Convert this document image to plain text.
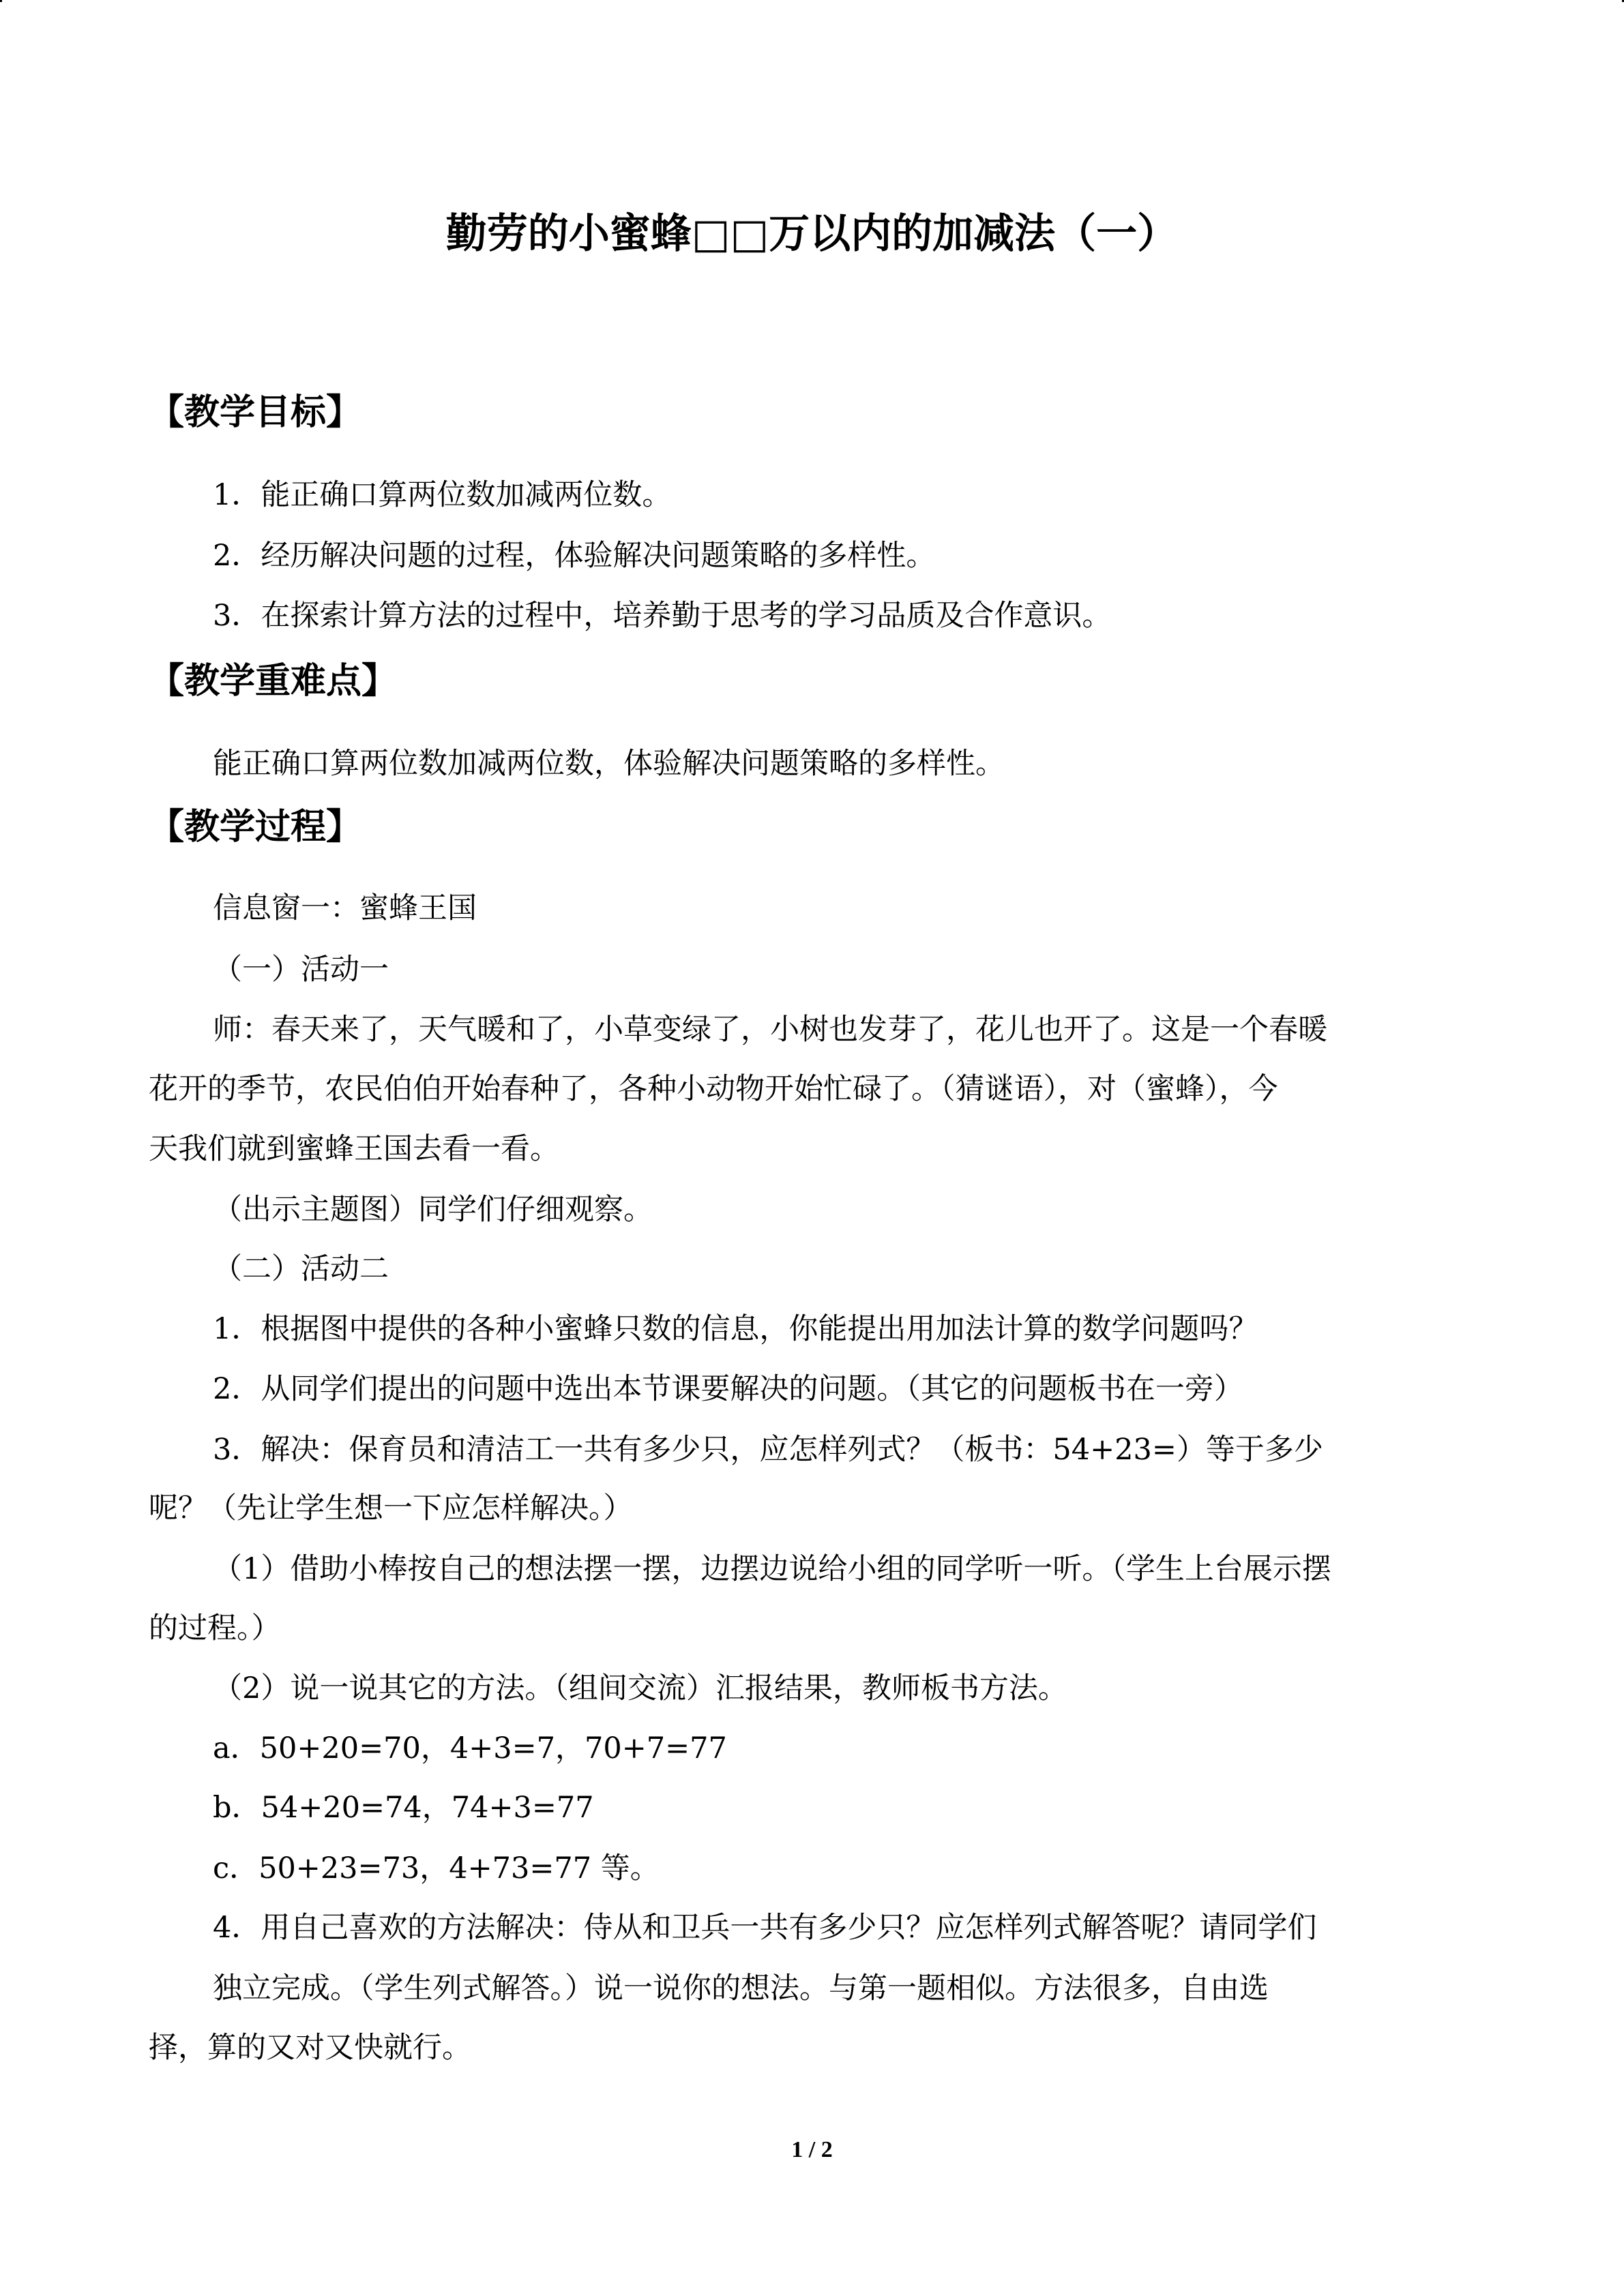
勤劳的小蜜蜂□□万以内的加减法（一）
【教学目标】
1．能正确口算两位数加减两位数。
2．经历解决问题的过程，体验解决问题策略的多样性。
3．在探索计算方法的过程中，培养勤于思考的学习品质及合作意识。
【教学重难点】
能正确口算两位数加减两位数，体验解决问题策略的多样性。
【教学过程】
信息窗一：蜜蜂王国
（一）活动一
师：春天来了，天气暖和了，小草变绿了，小树也发芽了，花儿也开了。这是一个春暖
花开的季节，农民伯伯开始春种了，各种小动物开始忙碌了。（猜谜语），对（蜜蜂），今
天我们就到蜜蜂王国去看一看。
（出示主题图）同学们仔细观察。
（二）活动二
1．根据图中提供的各种小蜜蜂只数的信息，你能提出用加法计算的数学问题吗？
2．从同学们提出的问题中选出本节课要解决的问题。（其它的问题板书在一旁）
3．解决：保育员和清洁工一共有多少只，应怎样列式？（板书：54+23=）等于多少
呢？（先让学生想一下应怎样解决。）
（1）借助小棒按自己的想法摆一摆，边摆边说给小组的同学听一听。（学生上台展示摆
的过程。）
（2）说一说其它的方法。（组间交流）汇报结果，教师板书方法。
a．50+20=70，4+3=7，70+7=77
b．54+20=74，74+3=77
c．50+23=73，4+73=77 等。
4．用自己喜欢的方法解决：侍从和卫兵一共有多少只？应怎样列式解答呢？请同学们
独立完成。（学生列式解答。）说一说你的想法。与第一题相似。方法很多，自由选
择，算的又对又快就行。
1 / 2
